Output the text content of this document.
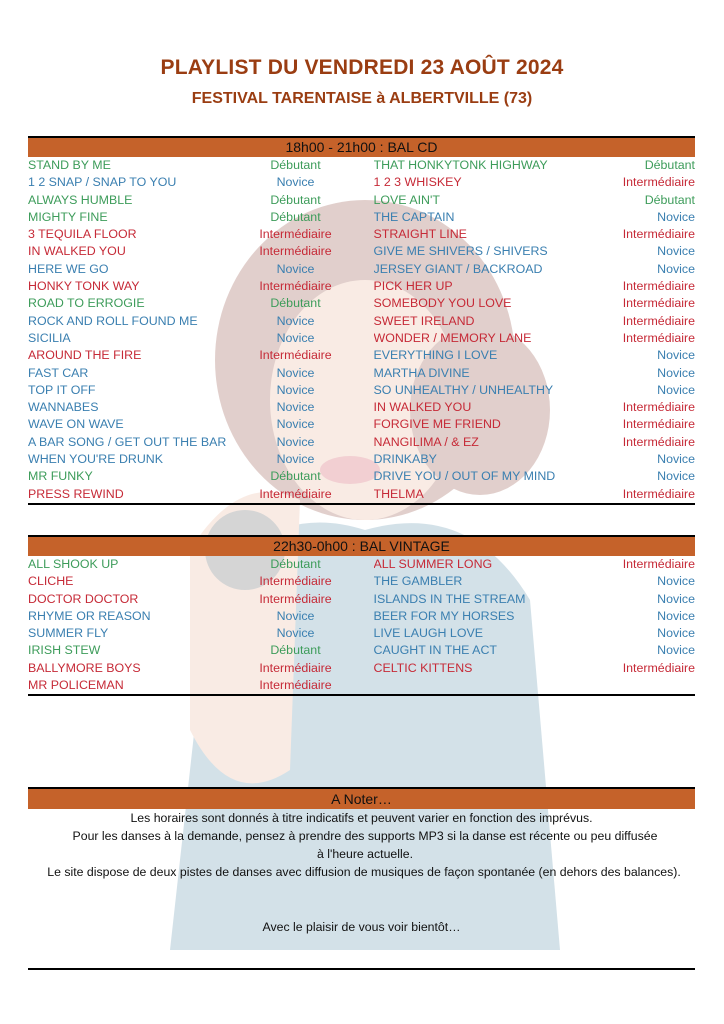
PLAYLIST DU VENDREDI 23 AOÛT 2024
FESTIVAL TARENTAISE à ALBERTVILLE (73)
18h00 - 21h00 : BAL CD
STAND BY ME	Débutant	THAT HONKYTONK HIGHWAY	Débutant
1 2 SNAP / SNAP TO YOU	Novice	1 2 3 WHISKEY	Intermédiaire
ALWAYS HUMBLE	Débutant	LOVE AIN'T	Débutant
MIGHTY FINE	Débutant	THE CAPTAIN	Novice
3 TEQUILA FLOOR	Intermédiaire	STRAIGHT LINE	Intermédiaire
IN WALKED YOU	Intermédiaire	GIVE ME SHIVERS / SHIVERS	Novice
HERE WE GO	Novice	JERSEY GIANT / BACKROAD	Novice
HONKY TONK WAY	Intermédiaire	PICK HER UP	Intermédiaire
ROAD TO ERROGIE	Débutant	SOMEBODY YOU LOVE	Intermédiaire
ROCK AND ROLL FOUND ME	Novice	SWEET IRELAND	Intermédiaire
SICILIA	Novice	WONDER / MEMORY LANE	Intermédiaire
AROUND THE FIRE	Intermédiaire	EVERYTHING I LOVE	Novice
FAST CAR	Novice	MARTHA DIVINE	Novice
TOP IT OFF	Novice	SO UNHEALTHY / UNHEALTHY	Novice
WANNABES	Novice	IN WALKED YOU	Intermédiaire
WAVE ON WAVE	Novice	FORGIVE ME FRIEND	Intermédiaire
A BAR SONG / GET OUT THE BAR	Novice	NANGILIMA / & EZ	Intermédiaire
WHEN YOU'RE DRUNK	Novice	DRINKABY	Novice
MR FUNKY	Débutant	DRIVE YOU / OUT OF MY MIND	Novice
PRESS REWIND	Intermédiaire	THELMA	Intermédiaire
22h30-0h00 : BAL VINTAGE
ALL SHOOK UP	Débutant	ALL SUMMER LONG	Intermédiaire
CLICHE	Intermédiaire	THE GAMBLER	Novice
DOCTOR DOCTOR	Intermédiaire	ISLANDS IN THE STREAM	Novice
RHYME OR REASON	Novice	BEER FOR MY HORSES	Novice
SUMMER FLY	Novice	LIVE LAUGH LOVE	Novice
IRISH STEW	Débutant	CAUGHT IN THE ACT	Novice
BALLYMORE BOYS	Intermédiaire	CELTIC KITTENS	Intermédiaire
MR POLICEMAN	Intermédiaire
A Noter…
Les horaires sont donnés à titre indicatifs et peuvent varier en fonction des imprévus.
Pour les danses à la demande, pensez à prendre des supports MP3 si la danse est récente ou peu diffusée à l'heure actuelle.
Le site dispose de deux pistes de danses avec diffusion de musiques de façon spontanée (en dehors des balances).
Avec le plaisir de vous voir bientôt…
